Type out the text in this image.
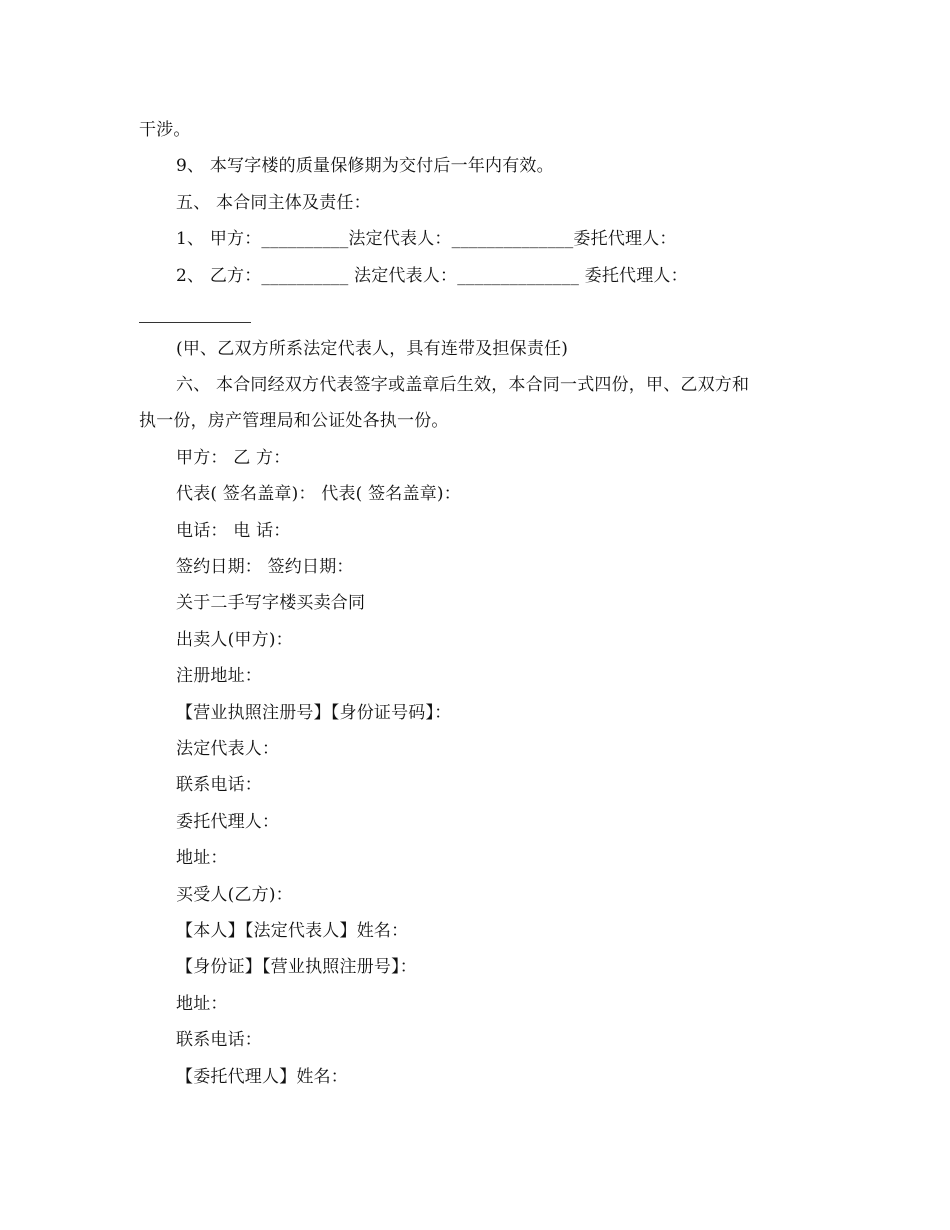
干涉。
9、 本写字楼的质量保修期为交付后一年内有效。
五、 本合同主体及责任：
1、 甲方：__________法定代表人：______________委托代理人：
2、 乙方：__________ 法定代表人：______________ 委托代理人：
(甲、乙双方所系法定代表人，具有连带及担保责任)
六、 本合同经双方代表签字或盖章后生效，本合同一式四份，甲、乙双方和
执一份，房产管理局和公证处各执一份。
甲方： 乙 方：
代表( 签名盖章)： 代表( 签名盖章)：
电话： 电 话：
签约日期： 签约日期：
关于二手写字楼买卖合同
出卖人(甲方)：
注册地址：
【营业执照注册号】【身份证号码】：
法定代表人：
联系电话：
委托代理人：
地址：
买受人(乙方)：
【本人】【法定代表人】姓名：
【身份证】【营业执照注册号】：
地址：
联系电话：
【委托代理人】姓名：
